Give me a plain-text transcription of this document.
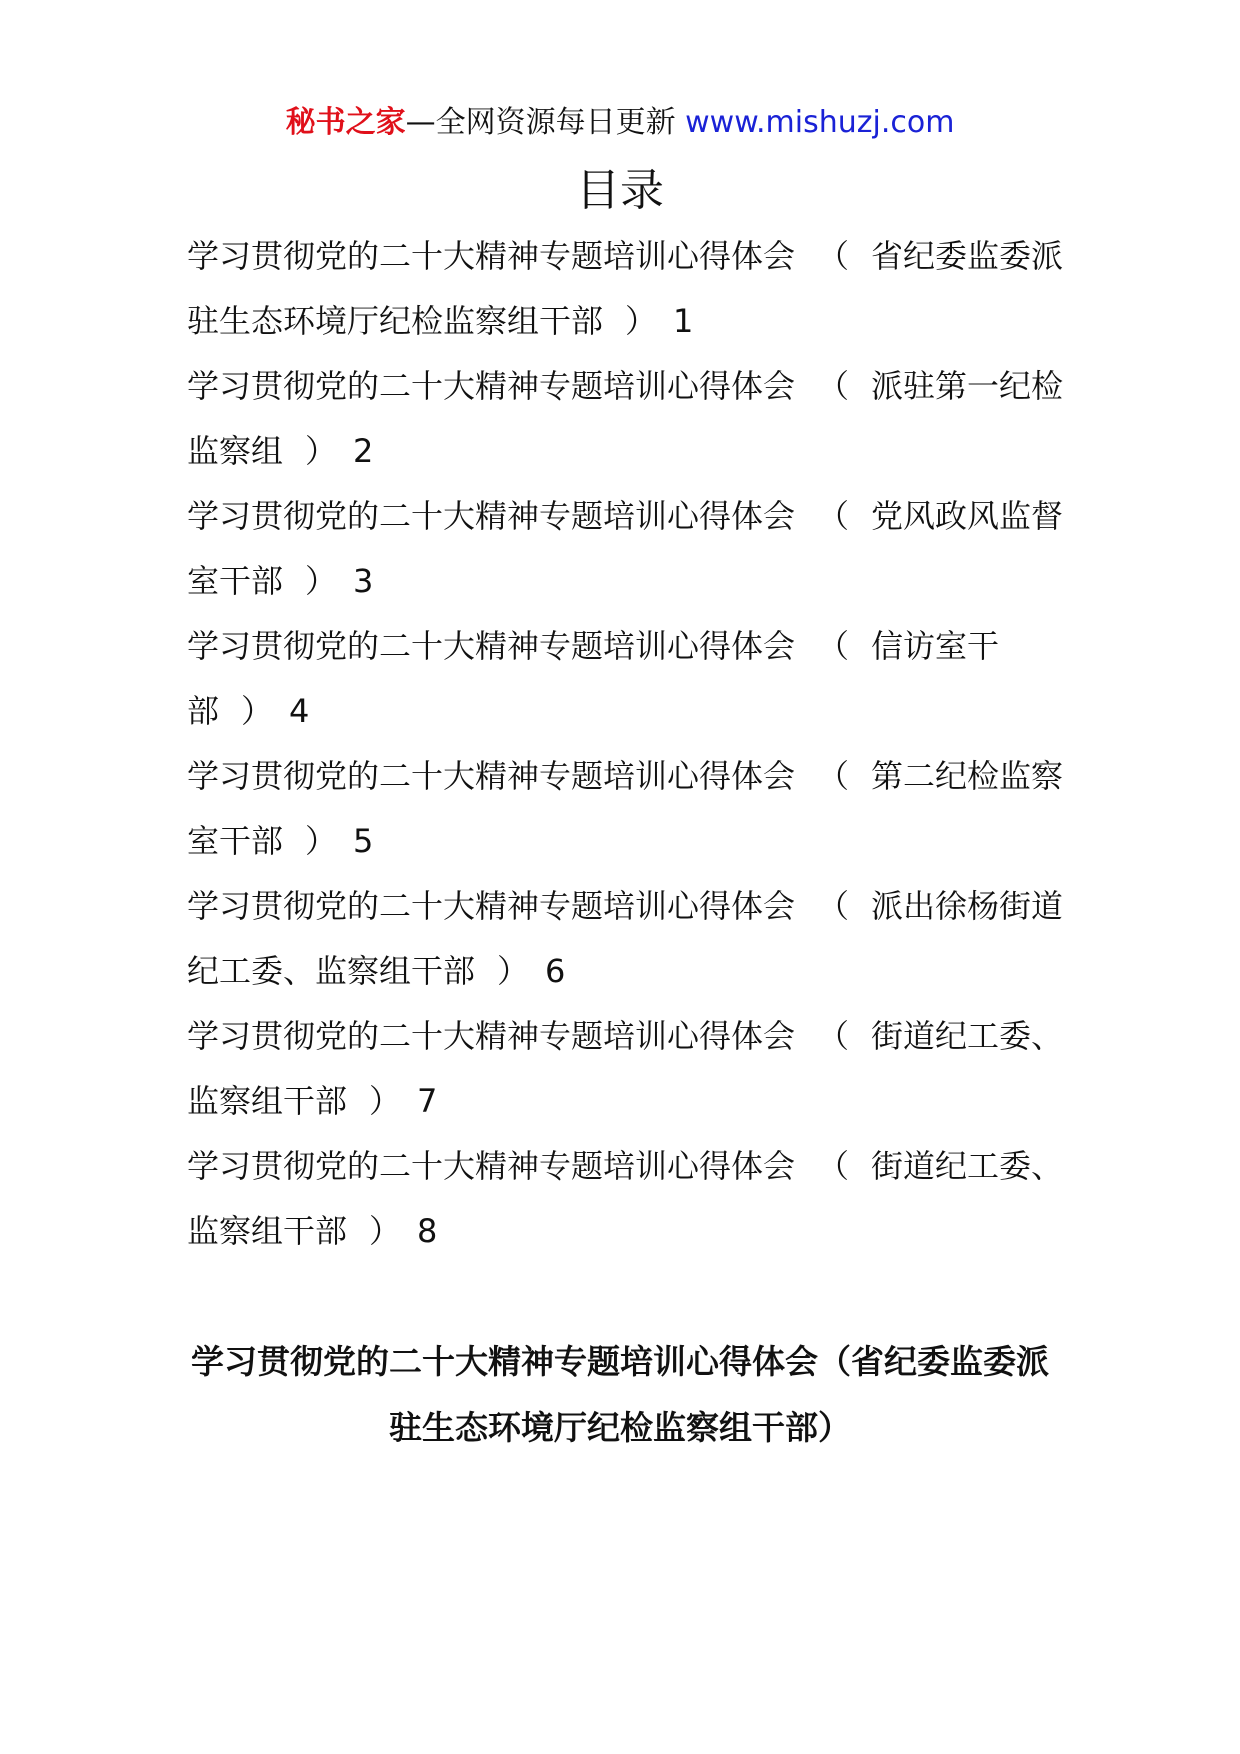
秘书之家—全网资源每日更新 www.mishuzj.com
目录
学习贯彻党的二十大精神专题培训心得体会 （ 省纪委监委派驻生态环境厅纪检监察组干部 ） 1
学习贯彻党的二十大精神专题培训心得体会 （ 派驻第一纪检监察组 ） 2
学习贯彻党的二十大精神专题培训心得体会 （ 党风政风监督室干部 ） 3
学习贯彻党的二十大精神专题培训心得体会 （ 信访室干部 ） 4
学习贯彻党的二十大精神专题培训心得体会 （ 第二纪检监察室干部 ） 5
学习贯彻党的二十大精神专题培训心得体会 （ 派出徐杨街道纪工委、监察组干部 ） 6
学习贯彻党的二十大精神专题培训心得体会 （ 街道纪工委、监察组干部 ） 7
学习贯彻党的二十大精神专题培训心得体会 （ 街道纪工委、监察组干部 ） 8
学习贯彻党的二十大精神专题培训心得体会（省纪委监委派驻生态环境厅纪检监察组干部）
